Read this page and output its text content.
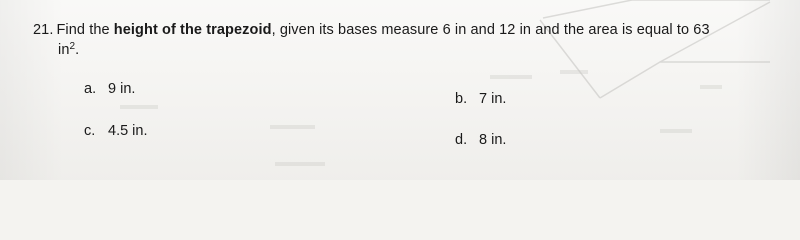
21. Find the height of the trapezoid, given its bases measure 6 in and 12 in and the area is equal to 63
$in^2$.
a. 9 in.
b. 7 in.
c. 4.5 in.
d. 8 in.
